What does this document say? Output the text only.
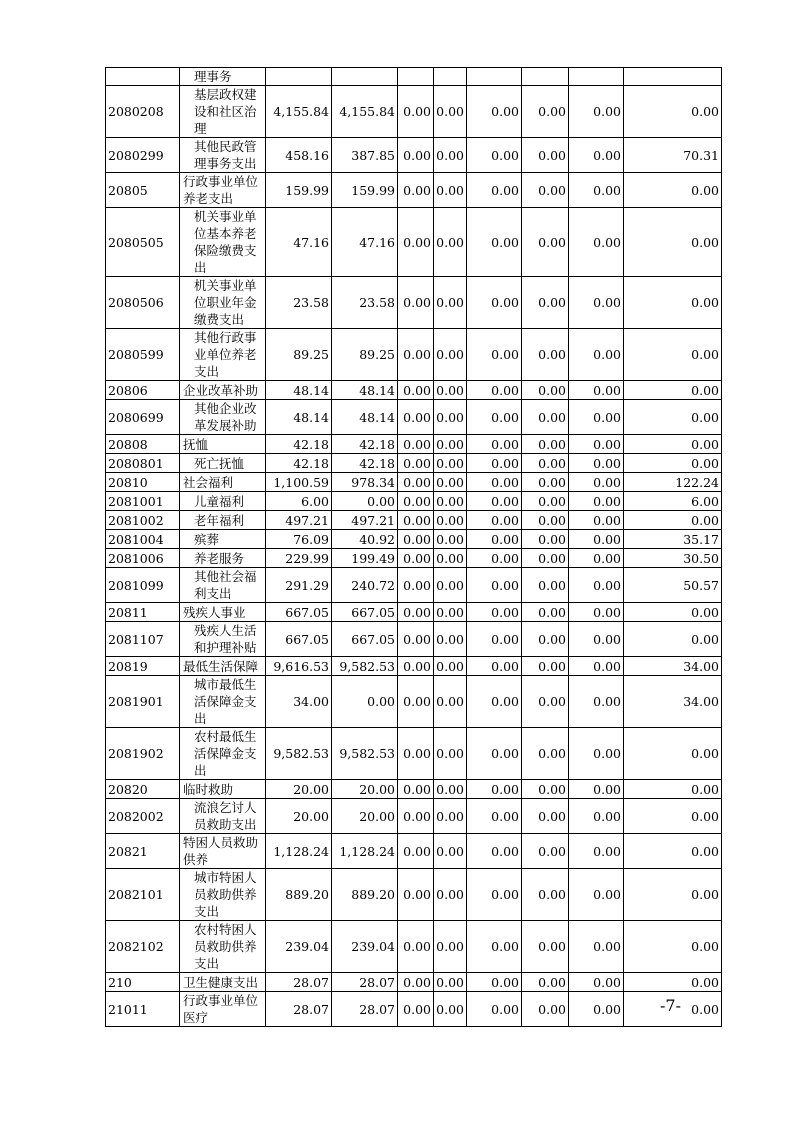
	理事务								
2080208	基层政权建设和社区治理	4,155.84	4,155.84	0.00	0.00	0.00	0.00	0.00	0.00
2080299	其他民政管理事务支出	458.16	387.85	0.00	0.00	0.00	0.00	0.00	70.31
20805	行政事业单位养老支出	159.99	159.99	0.00	0.00	0.00	0.00	0.00	0.00
2080505	机关事业单位基本养老保险缴费支出	47.16	47.16	0.00	0.00	0.00	0.00	0.00	0.00
2080506	机关事业单位职业年金缴费支出	23.58	23.58	0.00	0.00	0.00	0.00	0.00	0.00
2080599	其他行政事业单位养老支出	89.25	89.25	0.00	0.00	0.00	0.00	0.00	0.00
20806	企业改革补助	48.14	48.14	0.00	0.00	0.00	0.00	0.00	0.00
2080699	其他企业改革发展补助	48.14	48.14	0.00	0.00	0.00	0.00	0.00	0.00
20808	抚恤	42.18	42.18	0.00	0.00	0.00	0.00	0.00	0.00
2080801	死亡抚恤	42.18	42.18	0.00	0.00	0.00	0.00	0.00	0.00
20810	社会福利	1,100.59	978.34	0.00	0.00	0.00	0.00	0.00	122.24
2081001	儿童福利	6.00	0.00	0.00	0.00	0.00	0.00	0.00	6.00
2081002	老年福利	497.21	497.21	0.00	0.00	0.00	0.00	0.00	0.00
2081004	殡葬	76.09	40.92	0.00	0.00	0.00	0.00	0.00	35.17
2081006	养老服务	229.99	199.49	0.00	0.00	0.00	0.00	0.00	30.50
2081099	其他社会福利支出	291.29	240.72	0.00	0.00	0.00	0.00	0.00	50.57
20811	残疾人事业	667.05	667.05	0.00	0.00	0.00	0.00	0.00	0.00
2081107	残疾人生活和护理补贴	667.05	667.05	0.00	0.00	0.00	0.00	0.00	0.00
20819	最低生活保障	9,616.53	9,582.53	0.00	0.00	0.00	0.00	0.00	34.00
2081901	城市最低生活保障金支出	34.00	0.00	0.00	0.00	0.00	0.00	0.00	34.00
2081902	农村最低生活保障金支出	9,582.53	9,582.53	0.00	0.00	0.00	0.00	0.00	0.00
20820	临时救助	20.00	20.00	0.00	0.00	0.00	0.00	0.00	0.00
2082002	流浪乞讨人员救助支出	20.00	20.00	0.00	0.00	0.00	0.00	0.00	0.00
20821	特困人员救助供养	1,128.24	1,128.24	0.00	0.00	0.00	0.00	0.00	0.00
2082101	城市特困人员救助供养支出	889.20	889.20	0.00	0.00	0.00	0.00	0.00	0.00
2082102	农村特困人员救助供养支出	239.04	239.04	0.00	0.00	0.00	0.00	0.00	0.00
210	卫生健康支出	28.07	28.07	0.00	0.00	0.00	0.00	0.00	0.00
21011	行政事业单位医疗	28.07	28.07	0.00	0.00	0.00	0.00	0.00	0.00
-7-
